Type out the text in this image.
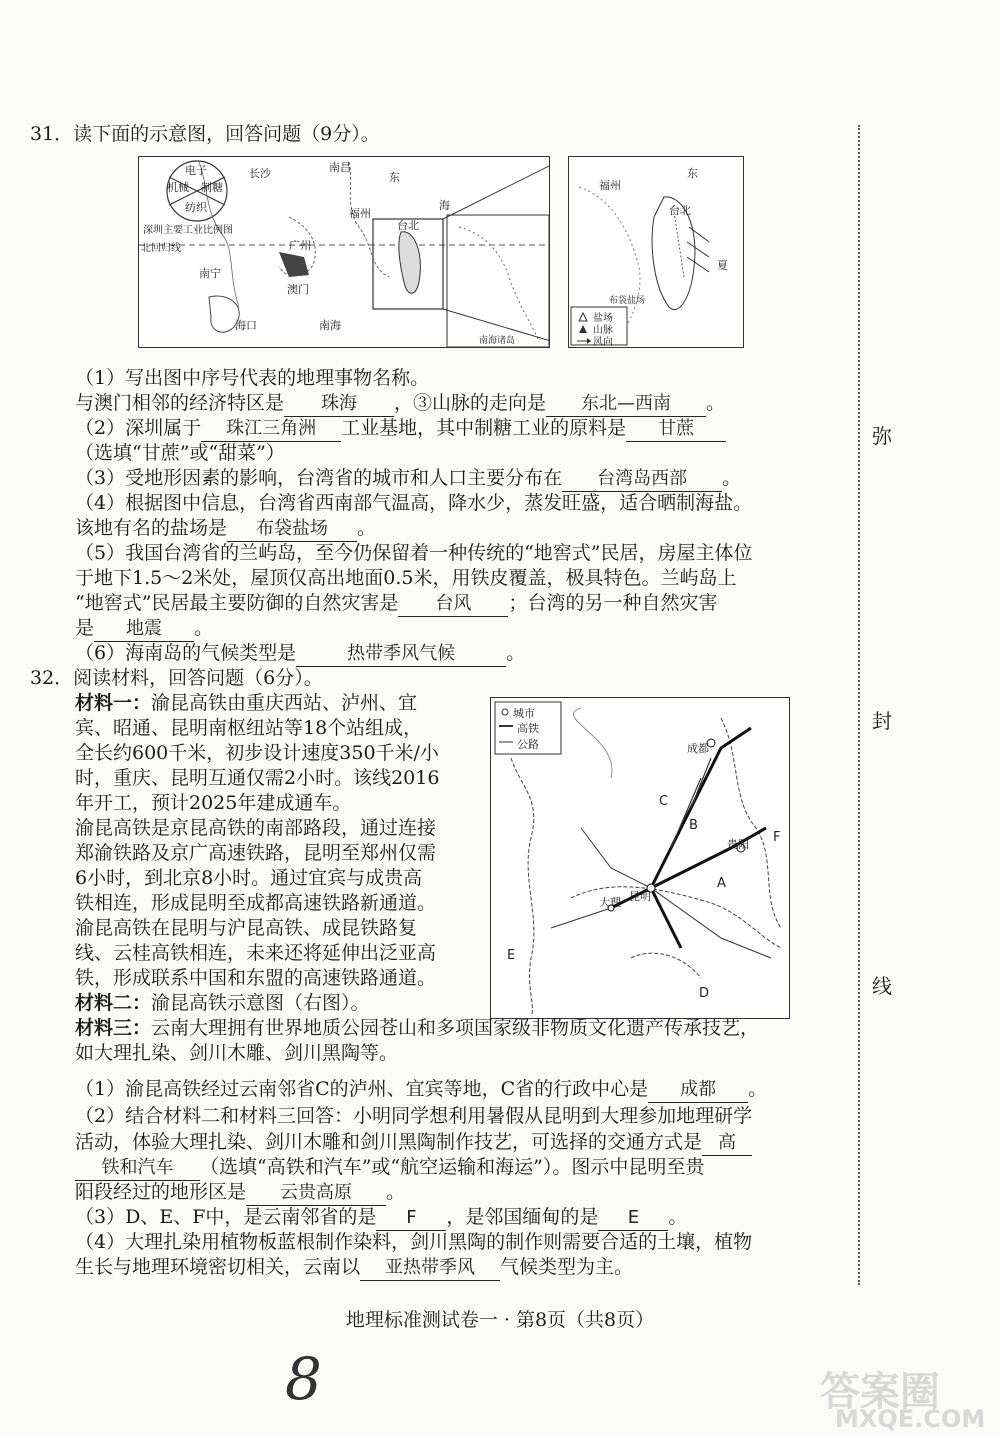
31．读下面的示意图，回答问题（9分）。
电子
机械 制糖
纺织
深圳主要工业比例图
长沙	南昌
福州
台北
北回归线	广州
南宁
澳门
海口	南海
东
海
南海诸岛
福州
台北
东
夏
盐场
山脉
风向
布袋盐场
（1）写出图中序号代表的地理事物名称。
与澳门相邻的经济特区是 珠海 ，③山脉的走向是 东北—西南 。
（2）深圳属于 珠江三角洲 工业基地，其中制糖工业的原料是 甘蔗
（选填“甘蔗”或“甜菜”）
（3）受地形因素的影响，台湾省的城市和人口主要分布在 台湾岛西部 。
（4）根据图中信息，台湾省西南部气温高，降水少，蒸发旺盛，适合晒制海盐。
该地有名的盐场是 布袋盐场 。
（5）我国台湾省的兰屿岛，至今仍保留着一种传统的“地窖式”民居，房屋主体位
于地下1.5～2米处，屋顶仅高出地面0.5米，用铁皮覆盖，极具特色。兰屿岛上
“地窖式”民居最主要防御的自然灾害是 台风 ；台湾的另一种自然灾害
是 地震 。
（6）海南岛的气候类型是	热带季风气候	。
32．阅读材料，回答问题（6分）。
材料一：渝昆高铁由重庆西站、泸州、宜
宾、昭通、昆明南枢纽站等18个站组成，
全长约600千米，初步设计速度350千米/小
时，重庆、昆明互通仅需2小时。该线2016
年开工，预计2025年建成通车。
渝昆高铁是京昆高铁的南部路段，通过连接
郑渝铁路及京广高速铁路，昆明至郑州仅需
6小时，到北京8小时。通过宜宾与成贵高
铁相连，形成昆明至成都高速铁路新通道。
渝昆高铁在昆明与沪昆高铁、成昆铁路复
线、云桂高铁相连，未来还将延伸出泛亚高
铁，形成联系中国和东盟的高速铁路通道。
城市
高铁
公路	成都
贵阳
昆明
大理
C
B
F
A
E
D
材料二：渝昆高铁示意图（右图）。
材料三：云南大理拥有世界地质公园苍山和多项国家级非物质文化遗产传承技艺，
如大理扎染、剑川木雕、剑川黑陶等。
（1）渝昆高铁经过云南邻省C的泸州、宜宾等地，C省的行政中心是 成都 。
（2）结合材料二和材料三回答：小明同学想利用暑假从昆明到大理参加地理研学
活动，体验大理扎染、剑川木雕和剑川黑陶制作技艺，可选择的交通方式是 高
铁和汽车 （选填“高铁和汽车”或“航空运输和海运”）。图示中昆明至贵
阳段经过的地形区是 云贵高原 。
（3）D、E、F中，是云南邻省的是 F ，是邻国缅甸的是 E 。
（4）大理扎染用植物板蓝根制作染料，剑川黑陶的制作则需要合适的土壤，植物
生长与地理环境密切相关，云南以 亚热带季风 气候类型为主。
弥
封
线
地理标准测试卷一 · 第8页（共8页）
8	答案圈
MXQE.COM
